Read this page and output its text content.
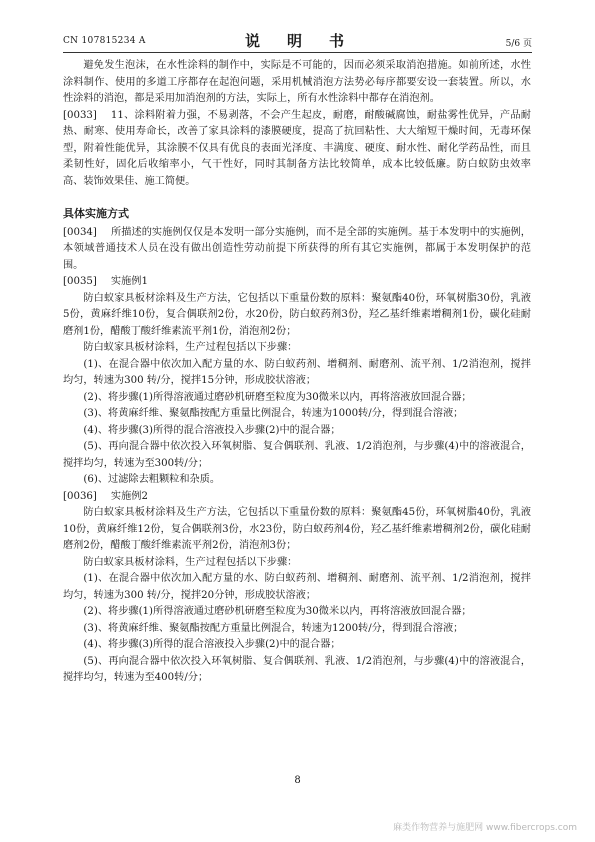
CN 107815234 A	说　明　书	5/6 页

避免发生泡沫，在水性涂料的制作中，实际是不可能的，因而必须采取消泡措施。如前所述，水性涂料制作、使用的多道工序都存在起泡问题，采用机械消泡方法势必每序都要安设一套装置。所以，水性涂料的消泡，都是采用加消泡剂的方法，实际上，所有水性涂料中都存在消泡剂。

[0033] 11、涂料附着力强，不易剥落，不会产生起皮，耐磨，耐酸碱腐蚀，耐盐雾性优异，产品耐热、耐寒、使用寿命长，改善了家具涂料的漆膜硬度，提高了抗回粘性、大大缩短干燥时间，无毒环保型，附着性能优异，其涂膜不仅具有优良的表面光泽度、丰满度、硬度、耐水性、耐化学药品性，而且柔韧性好，固化后收缩率小，气干性好，同时其制备方法比较简单，成本比较低廉。防白蚁防虫效率高、装饰效果佳、施工简便。

具体实施方式

[0034] 所描述的实施例仅仅是本发明一部分实施例，而不是全部的实施例。基于本发明中的实施例，本领域普通技术人员在没有做出创造性劳动前提下所获得的所有其它实施例，都属于本发明保护的范围。

[0035] 实施例1

防白蚁家具板材涂料及生产方法，它包括以下重量份数的原料：聚氨酯40份，环氧树脂30份，乳液5份，黄麻纤维10份，复合偶联剂2份，水20份，防白蚁药剂3份，羟乙基纤维素增稠剂1份，碳化硅耐磨剂1份，醋酸丁酸纤维素流平剂1份，消泡剂2份；

防白蚁家具板材涂料，生产过程包括以下步骤：

(1)、在混合器中依次加入配方量的水、防白蚁药剂、增稠剂、耐磨剂、流平剂、1/2消泡剂，搅拌均匀，转速为300 转/分，搅拌15分钟，形成胶状溶液；

(2)、将步骤(1)所得溶液通过磨砂机研磨至粒度为30微米以内，再将溶液放回混合器；

(3)、将黄麻纤维、聚氨酯按配方重量比例混合，转速为1000转/分，得到混合溶液；

(4)、将步骤(3)所得的混合溶液投入步骤(2)中的混合器；

(5)、再向混合器中依次投入环氧树脂、复合偶联剂、乳液、1/2消泡剂，与步骤(4)中的溶液混合，搅拌均匀，转速为至300转/分；

(6)、过滤除去粗颗粒和杂质。

[0036] 实施例2

防白蚁家具板材涂料及生产方法，它包括以下重量份数的原料：聚氨酯45份，环氧树脂40份，乳液10份，黄麻纤维12份，复合偶联剂3份，水23份，防白蚁药剂4份，羟乙基纤维素增稠剂2份，碳化硅耐磨剂2份，醋酸丁酸纤维素流平剂2份，消泡剂3份；

防白蚁家具板材涂料，生产过程包括以下步骤：

(1)、在混合器中依次加入配方量的水、防白蚁药剂、增稠剂、耐磨剂、流平剂、1/2消泡剂，搅拌均匀，转速为300 转/分，搅拌20分钟，形成胶状溶液；

(2)、将步骤(1)所得溶液通过磨砂机研磨至粒度为30微米以内，再将溶液放回混合器；

(3)、将黄麻纤维、聚氨酯按配方重量比例混合，转速为1200转/分，得到混合溶液；

(4)、将步骤(3)所得的混合溶液投入步骤(2)中的混合器；

(5)、再向混合器中依次投入环氧树脂、复合偶联剂、乳液、1/2消泡剂，与步骤(4)中的溶液混合，搅拌均匀，转速为至400转/分；

8
麻类作物营养与施肥网 www.fibercrops.com
